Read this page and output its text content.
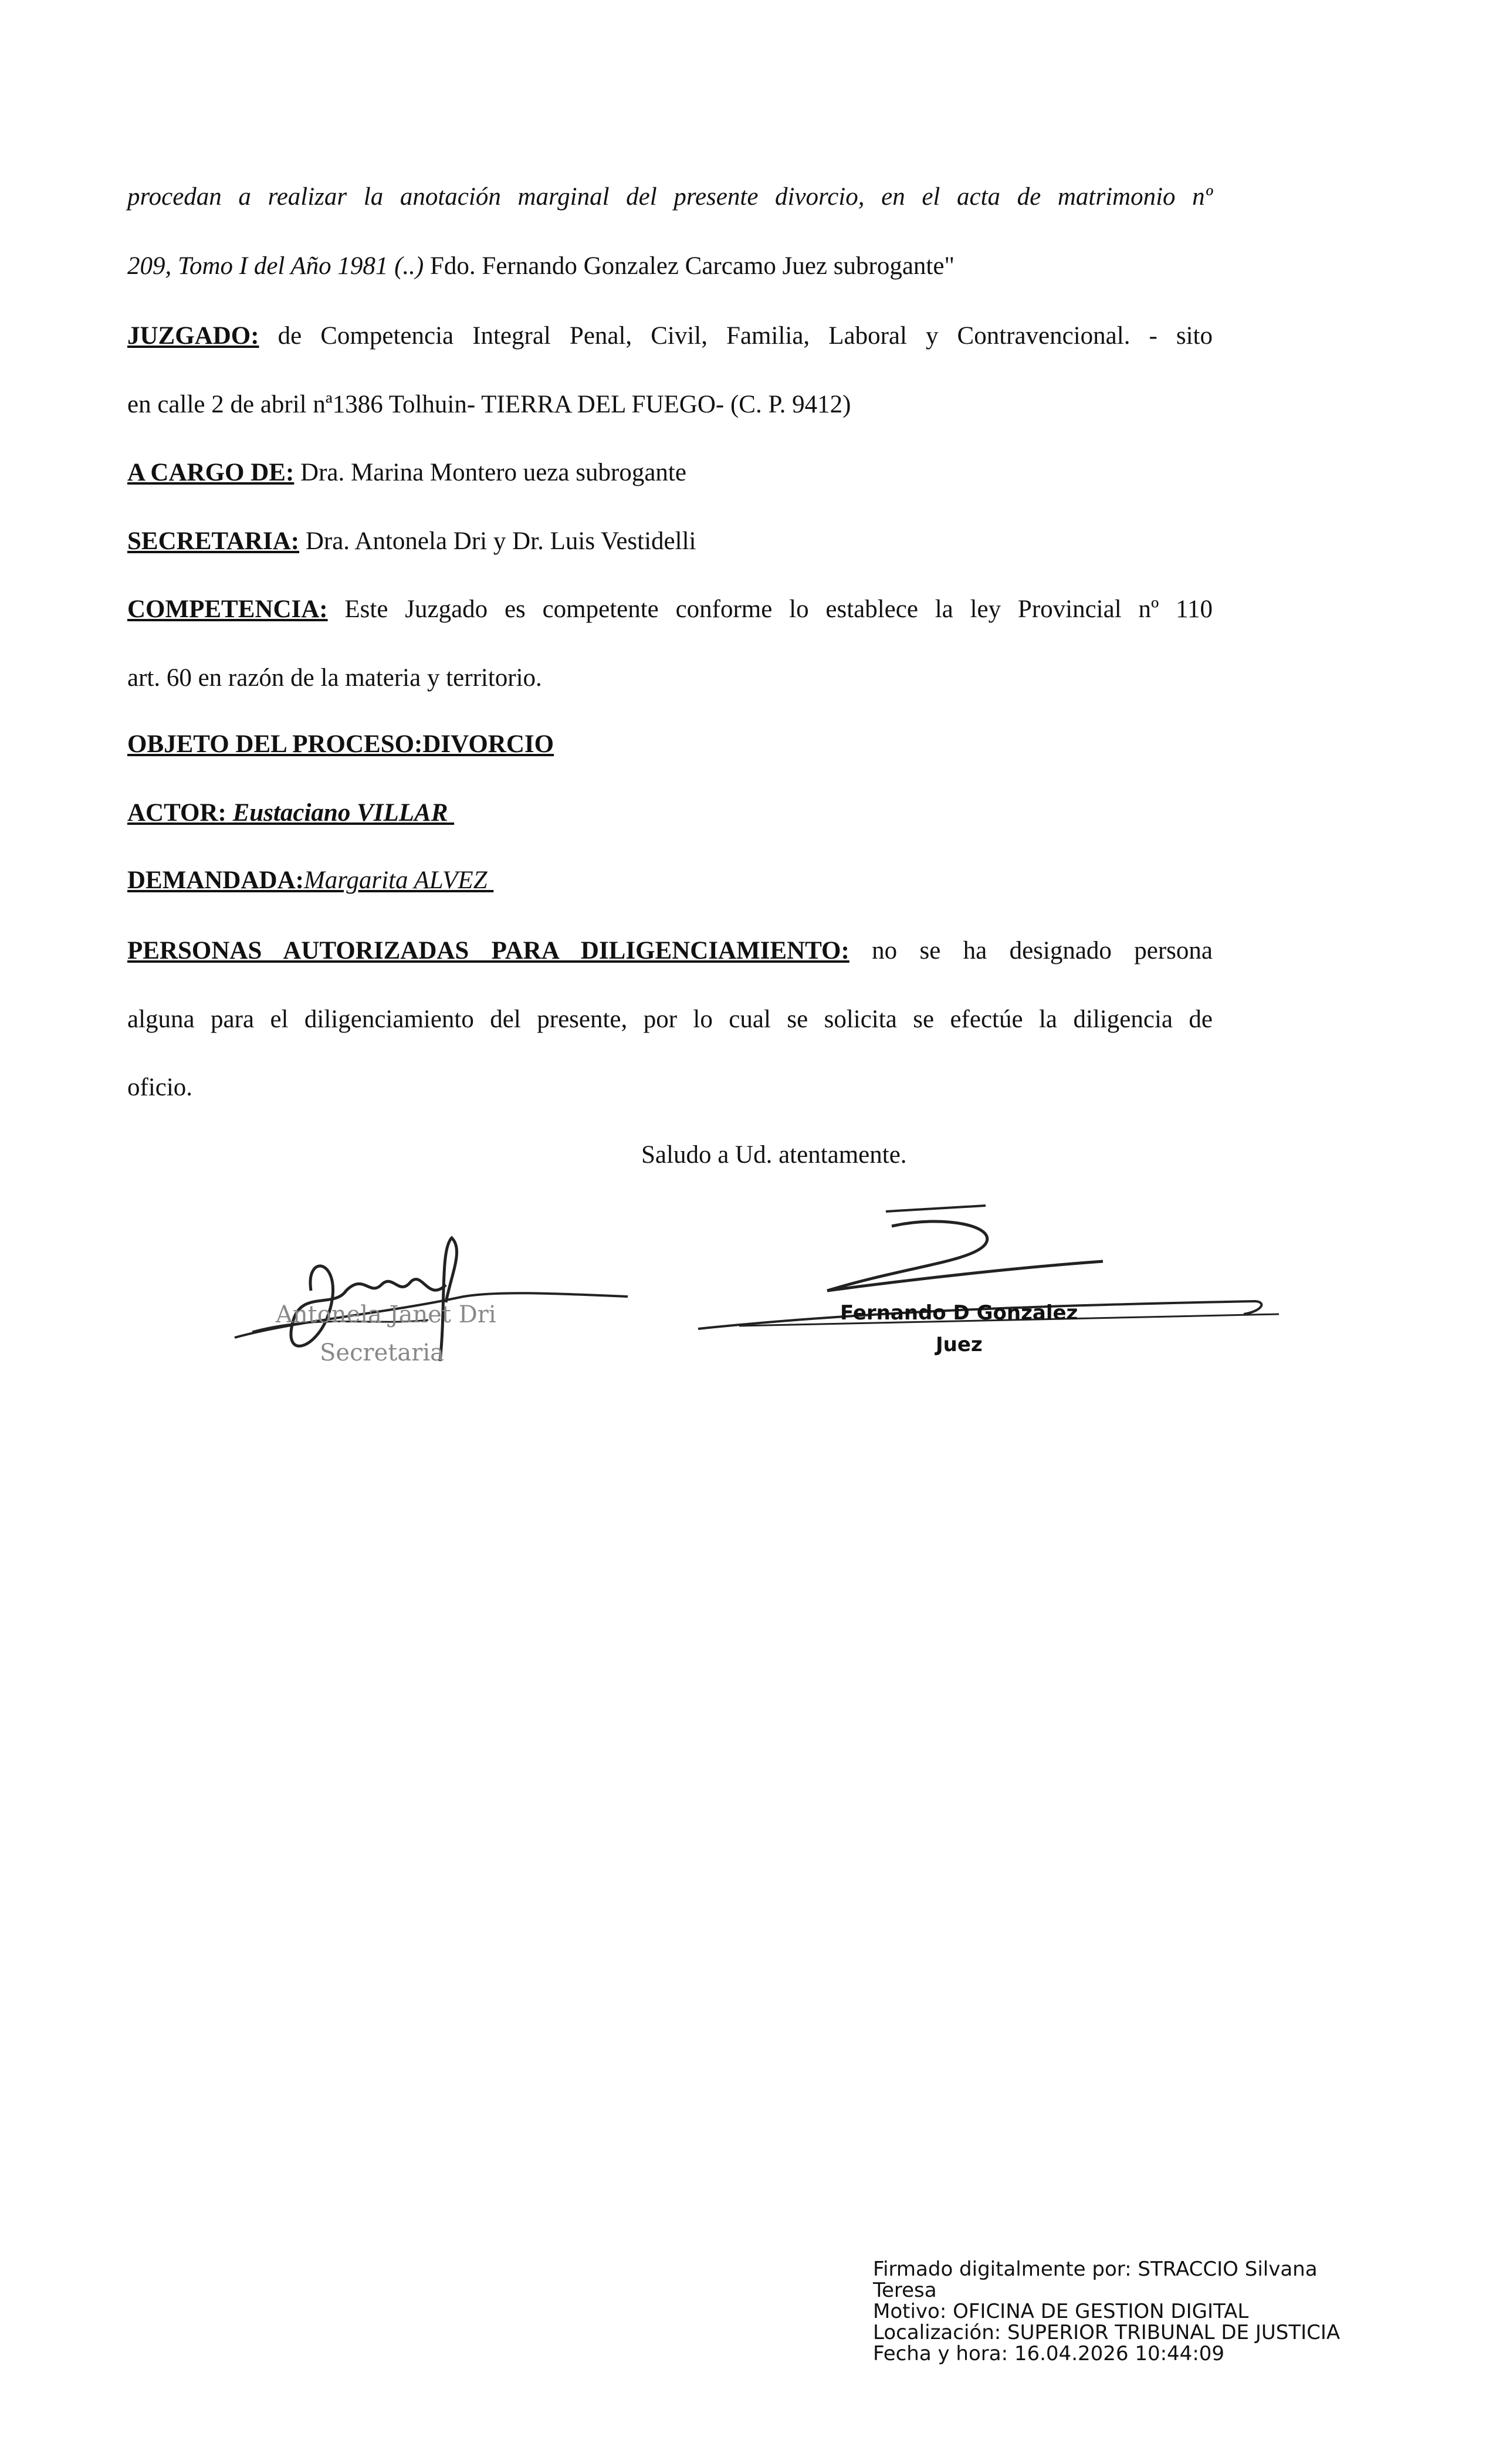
procedan a realizar la anotación marginal del presente divorcio, en el acta de matrimonio nº
209, Tomo I del Año 1981 (..) Fdo. Fernando Gonzalez Carcamo Juez subrogante"
JUZGADO: de Competencia Integral Penal, Civil, Familia, Laboral y Contravencional. - sito
en calle 2 de abril nª1386 Tolhuin- TIERRA DEL FUEGO- (C. P. 9412)
A CARGO DE: Dra. Marina Montero ueza subrogante
SECRETARIA: Dra. Antonela Dri y Dr. Luis Vestidelli
COMPETENCIA: Este Juzgado es competente conforme lo establece la ley Provincial nº 110
art. 60 en razón de la materia y territorio.
OBJETO DEL PROCESO:DIVORCIO
ACTOR: Eustaciano VILLAR
DEMANDADA:Margarita ALVEZ
PERSONAS AUTORIZADAS PARA DILIGENCIAMIENTO: no se ha designado persona
alguna para el diligenciamiento del presente, por lo cual se solicita se efectúe la diligencia de
oficio.
Saludo a Ud. atentamente.
Antonela Janet Dri
Secretaria
Fernando D Gonzalez
Juez
Firmado digitalmente por: STRACCIO Silvana
Teresa
Motivo: OFICINA DE GESTION DIGITAL
Localización: SUPERIOR TRIBUNAL DE JUSTICIA
Fecha y hora: 16.04.2026 10:44:09
